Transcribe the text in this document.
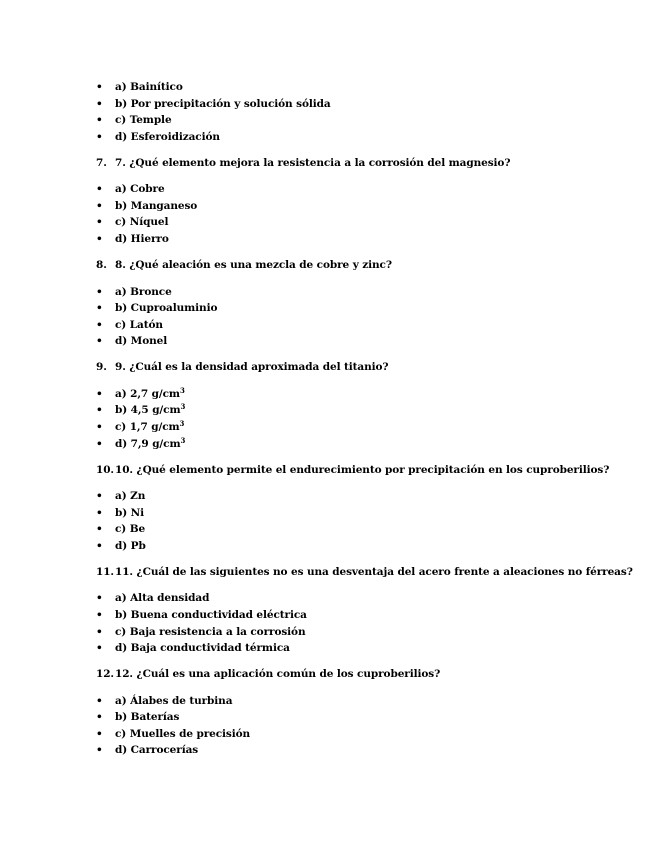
•	a) Bainítico
•	b) Por precipitación y solución sólida
•	c) Temple
•	d) Esferoidización
7. 7. ¿Qué elemento mejora la resistencia a la corrosión del magnesio?
•	a) Cobre
•	b) Manganeso
•	c) Níquel
•	d) Hierro
8. 8. ¿Qué aleación es una mezcla de cobre y zinc?
•	a) Bronce
•	b) Cuproaluminio
•	c) Latón
•	d) Monel
9. 9. ¿Cuál es la densidad aproximada del titanio?
•	a) 2,7 $g/cm^3$
•	b) 4,5 $g/cm^3$
•	c) 1,7 $g/cm^3$
•	d) 7,9 $g/cm^3$
10.10. ¿Qué elemento permite el endurecimiento por precipitación en los cuproberilios?
•	a) Zn
•	b) Ni
•	c) Be
•	d) Pb
11.11. ¿Cuál de las siguientes no es una desventaja del acero frente a aleaciones no férreas?
•	a) Alta densidad
•	b) Buena conductividad eléctrica
•	c) Baja resistencia a la corrosión
•	d) Baja conductividad térmica
12.12. ¿Cuál es una aplicación común de los cuproberilios?
•	a) Álabes de turbina
•	b) Baterías
•	c) Muelles de precisión
•	d) Carrocerías
